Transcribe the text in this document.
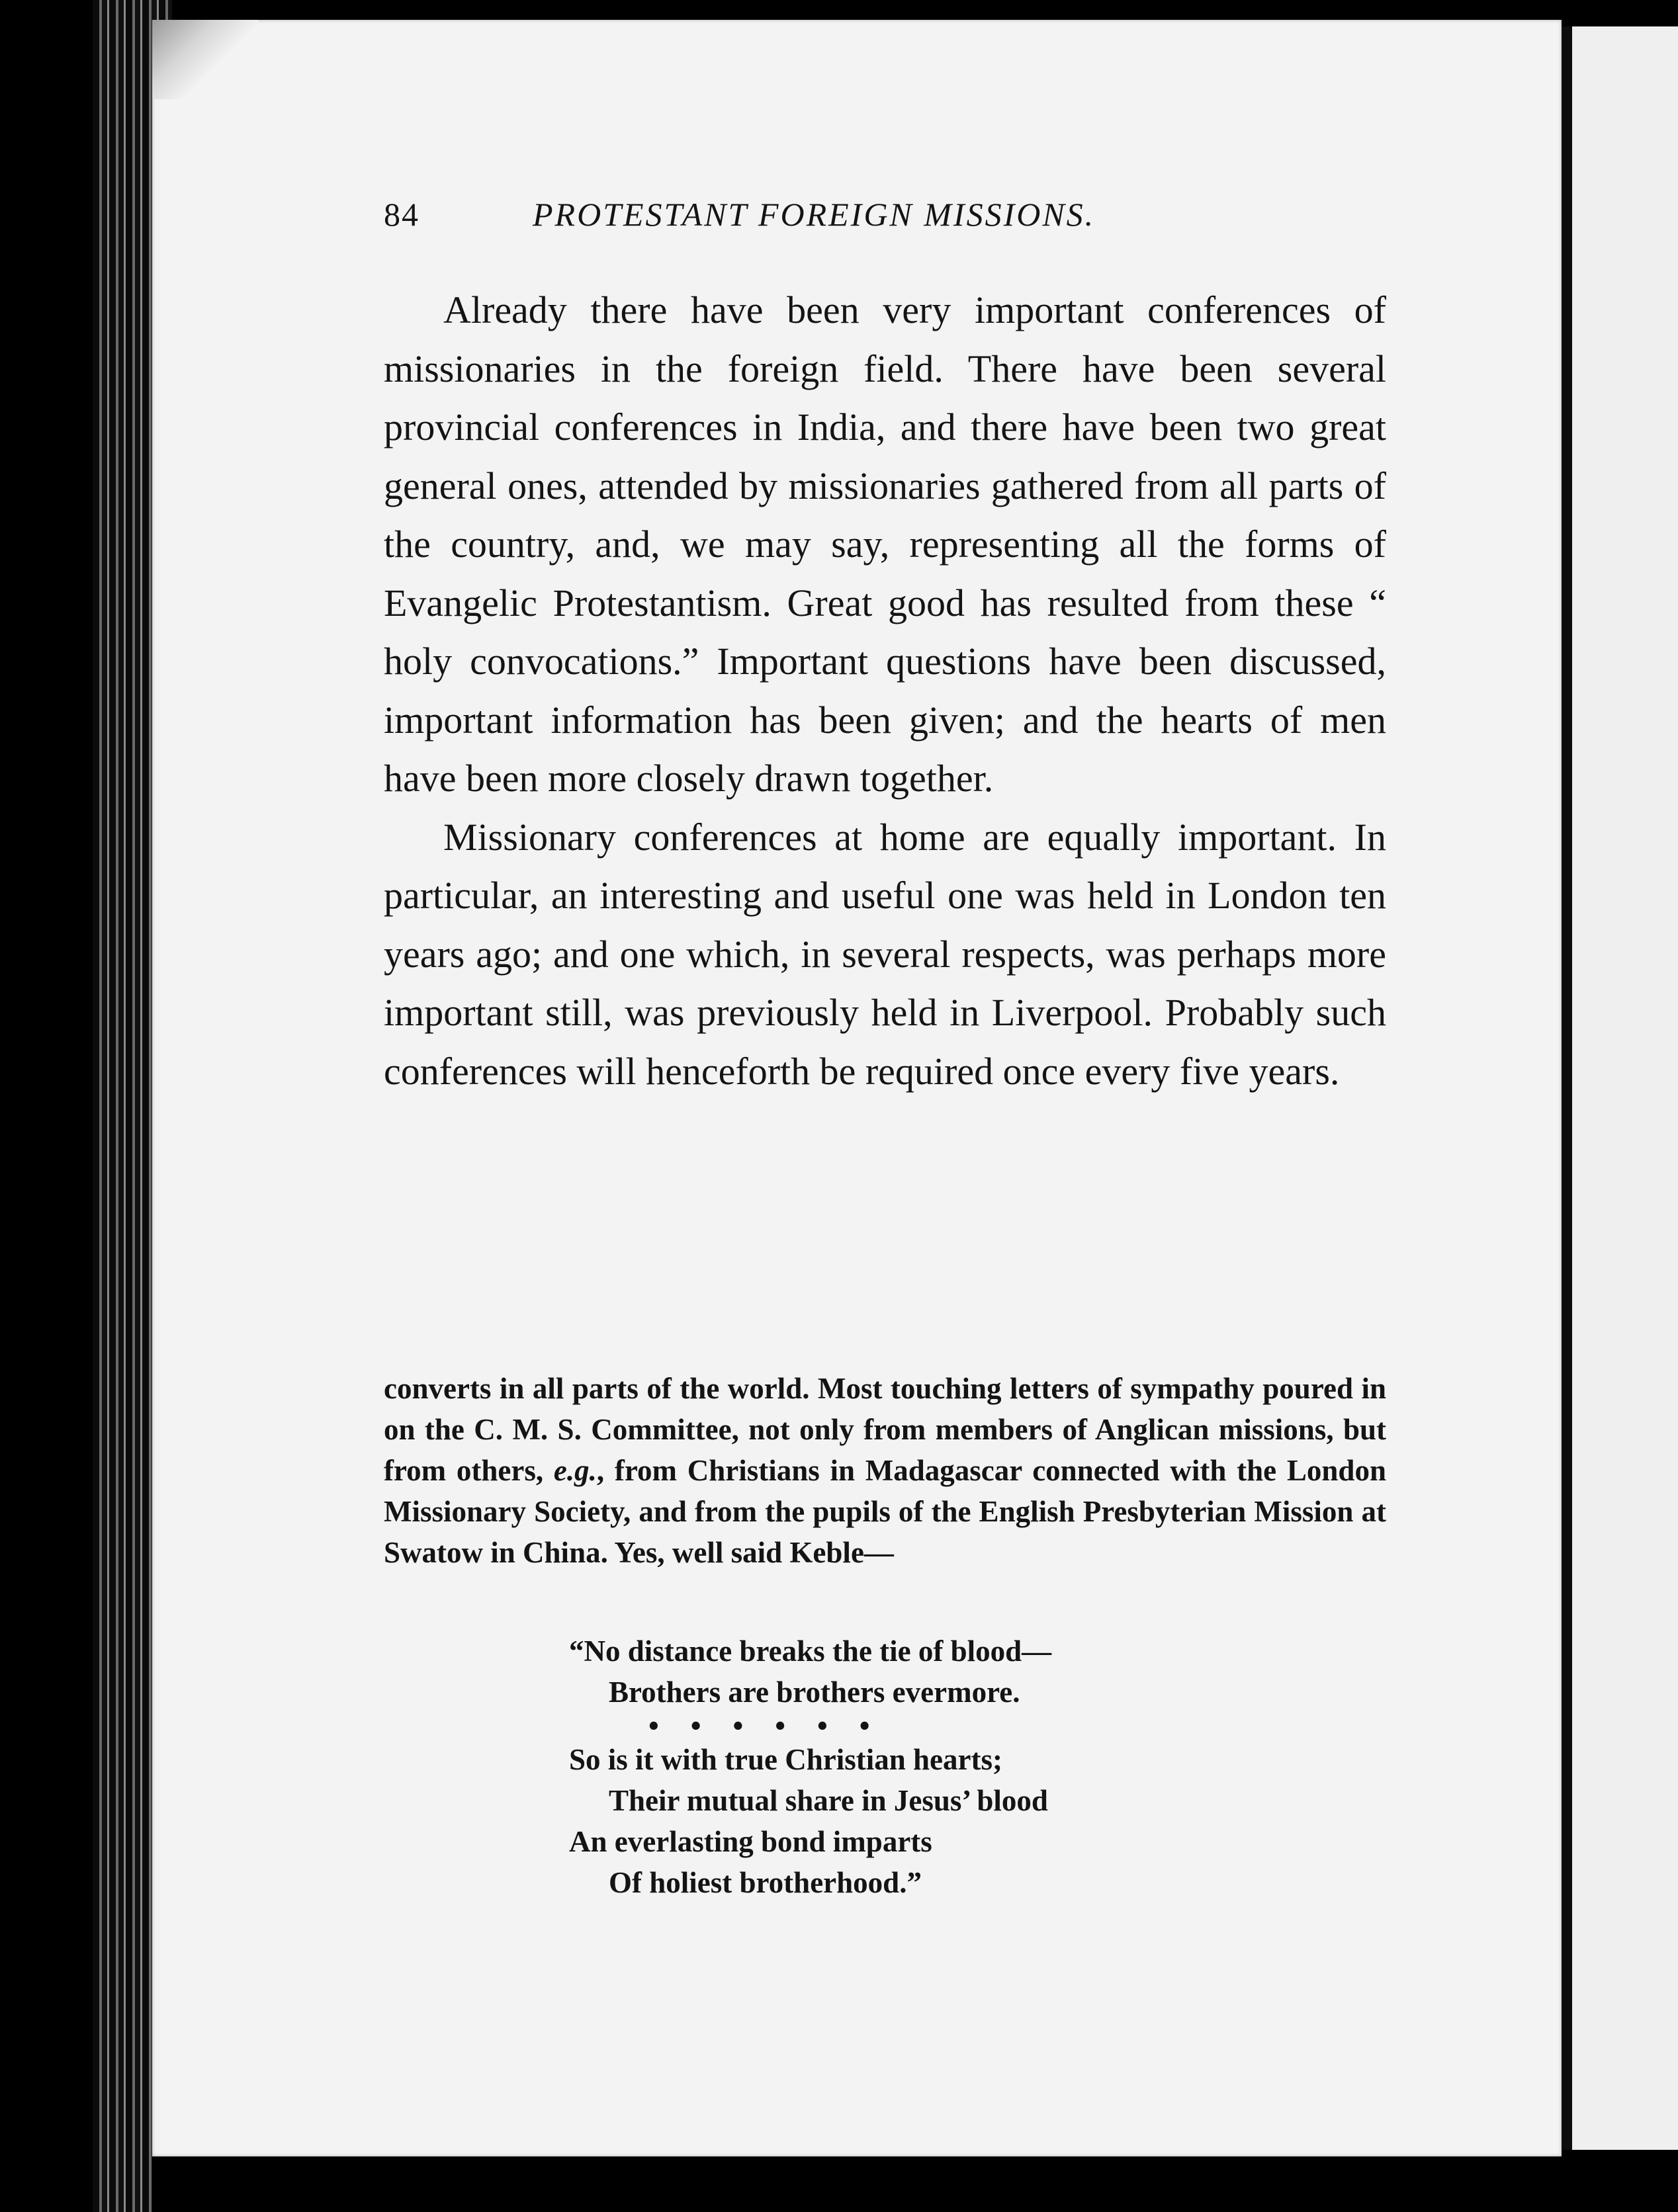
84	PROTESTANT FOREIGN MISSIONS.

Already there have been very important conferences of missionaries in the foreign field. There have been several provincial conferences in India, and there have been two great general ones, attended by missionaries gathered from all parts of the country, and, we may say, representing all the forms of Evangelic Protestantism. Great good has resulted from these “ holy convocations.” Important questions have been discussed, important information has been given; and the hearts of men have been more closely drawn together.

Missionary conferences at home are equally important. In particular, an interesting and useful one was held in London ten years ago; and one which, in several respects, was perhaps more important still, was previously held in Liverpool. Probably such conferences will henceforth be required once every five years.

converts in all parts of the world. Most touching letters of sympathy poured in on the C. M. S. Committee, not only from members of Anglican missions, but from others, e.g., from Christians in Madagascar connected with the London Missionary Society, and from the pupils of the English Presbyterian Mission at Swatow in China. Yes, well said Keble—
“No distance breaks the tie of blood—
Brothers are brothers evermore.
••••••
So is it with true Christian hearts;
Their mutual share in Jesus’ blood
An everlasting bond imparts
Of holiest brotherhood.”
